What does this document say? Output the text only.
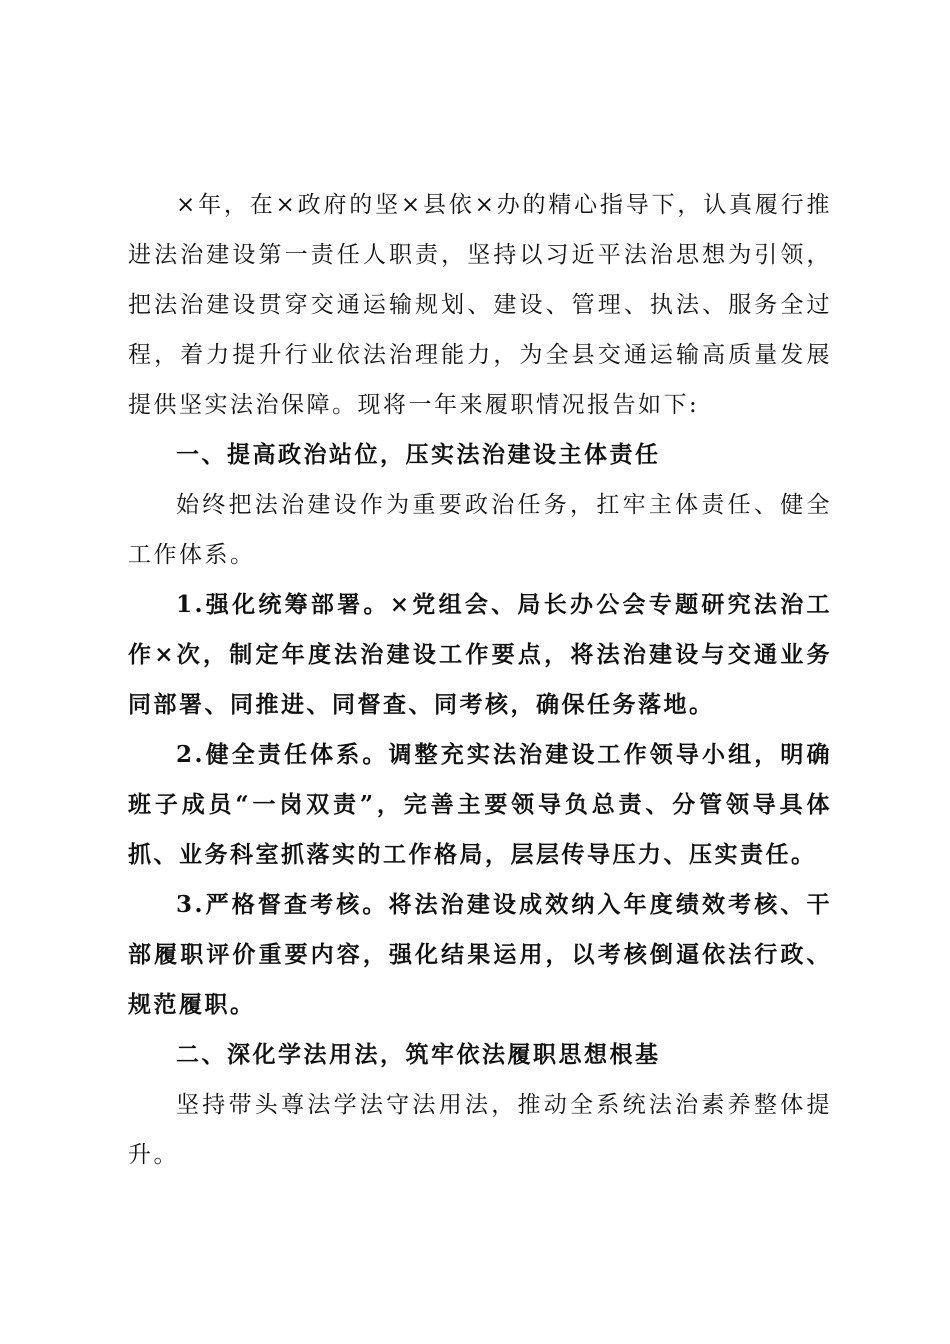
×年，在×政府的坚×县依×办的精心指导下，认真履行推进法治建设第一责任人职责，坚持以习近平法治思想为引领，把法治建设贯穿交通运输规划、建设、管理、执法、服务全过程，着力提升行业依法治理能力，为全县交通运输高质量发展提供坚实法治保障。现将一年来履职情况报告如下:

一、提高政治站位，压实法治建设主体责任

始终把法治建设作为重要政治任务，扛牢主体责任、健全工作体系。

1.强化统筹部署。×党组会、局长办公会专题研究法治工作×次，制定年度法治建设工作要点，将法治建设与交通业务同部署、同推进、同督查、同考核，确保任务落地。

2.健全责任体系。调整充实法治建设工作领导小组，明确班子成员“一岗双责”，完善主要领导负总责、分管领导具体抓、业务科室抓落实的工作格局，层层传导压力、压实责任。

3.严格督查考核。将法治建设成效纳入年度绩效考核、干部履职评价重要内容，强化结果运用，以考核倒逼依法行政、规范履职。

二、深化学法用法，筑牢依法履职思想根基

坚持带头尊法学法守法用法，推动全系统法治素养整体提升。
